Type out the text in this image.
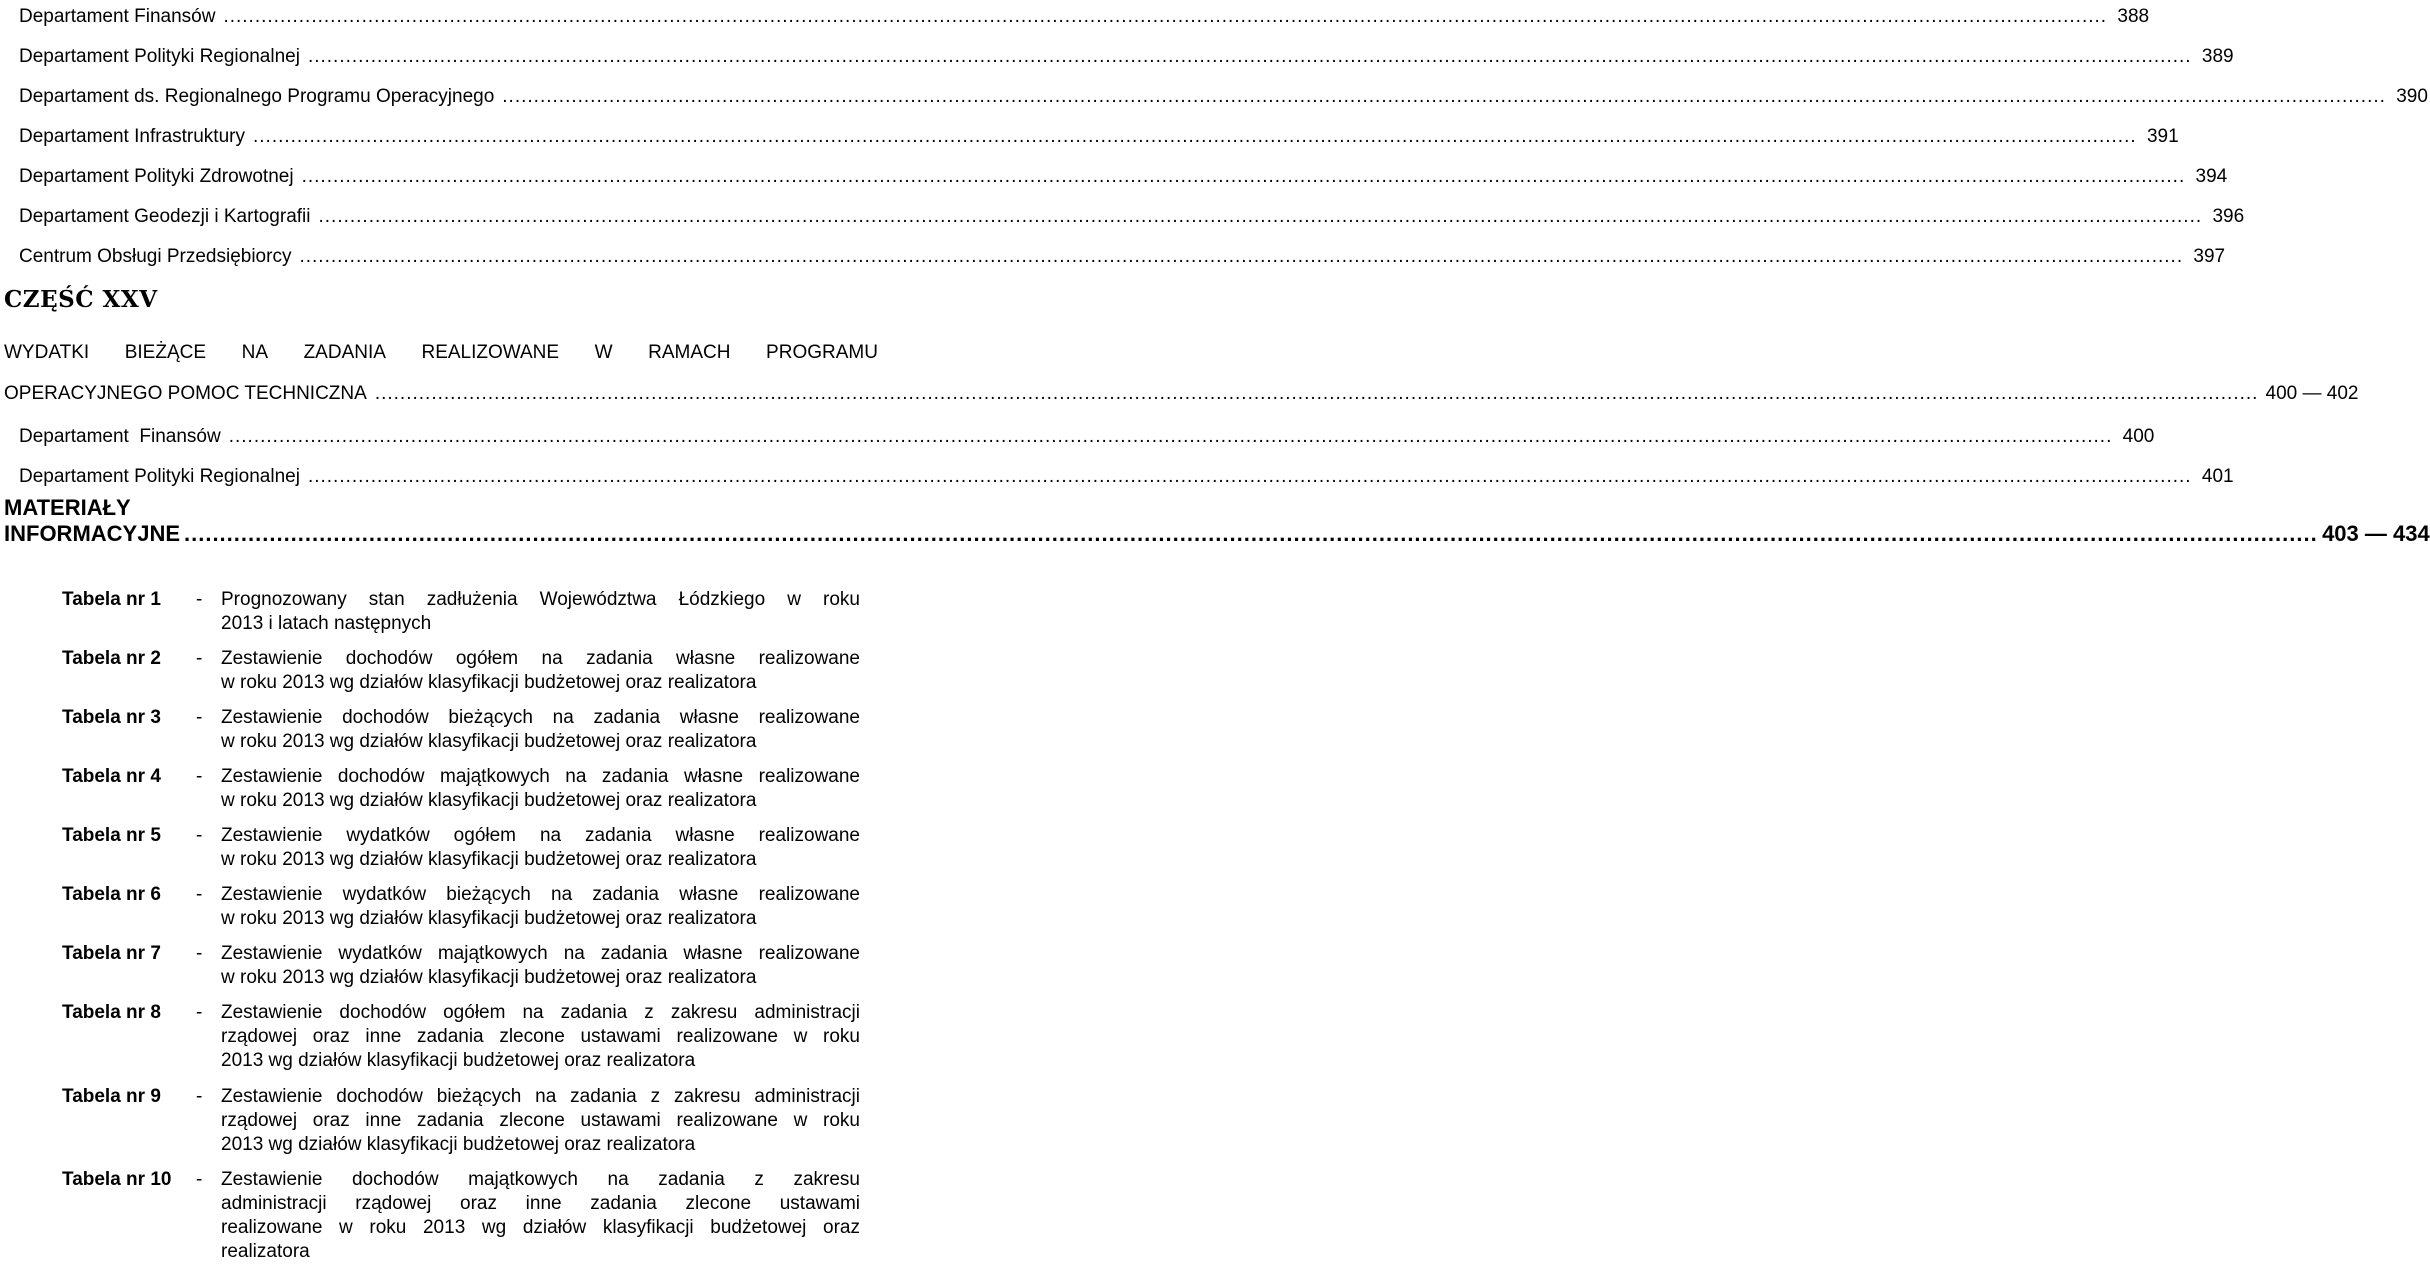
Departament Finansów ............................................................................................................................................................................................................................................................................................................ 388
Departament Polityki Regionalnej ............................................................................................................................................................................................................................................................................................................ 389
Departament ds. Regionalnego Programu Operacyjnego ............................................................................................................................................................................................................................................................................................................ 390
Departament Infrastruktury ............................................................................................................................................................................................................................................................................................................ 391
Departament Polityki Zdrowotnej ............................................................................................................................................................................................................................................................................................................ 394
Departament Geodezji i Kartografii ............................................................................................................................................................................................................................................................................................................ 396
Centrum Obsługi Przedsiębiorcy ............................................................................................................................................................................................................................................................................................................ 397
CZĘŚĆ XXV
WYDATKI BIEŻĄCE NA ZADANIA REALIZOWANE W RAMACH PROGRAMU
OPERACYJNEGO POMOC TECHNICZNA ............................................................................................................................................................................................................................................................................................................ 400 — 402
Departament  Finansów ............................................................................................................................................................................................................................................................................................................ 400
Departament Polityki Regionalnej ............................................................................................................................................................................................................................................................................................................ 401
MATERIAŁY INFORMACYJNE ............................................................................................................................................................................................................................................................................................................ 403 — 434
Tabela nr 1	- Prognozowany stan zadłużenia Województwa Łódzkiego w roku
2013 i latach następnych
Tabela nr 2	- Zestawienie dochodów ogółem na zadania własne realizowane
w roku 2013 wg działów klasyfikacji budżetowej oraz realizatora
Tabela nr 3	- Zestawienie dochodów bieżących na zadania własne realizowane
w roku 2013 wg działów klasyfikacji budżetowej oraz realizatora
Tabela nr 4	- Zestawienie dochodów majątkowych na zadania własne realizowane
w roku 2013 wg działów klasyfikacji budżetowej oraz realizatora
Tabela nr 5	- Zestawienie wydatków ogółem na zadania własne realizowane
w roku 2013 wg działów klasyfikacji budżetowej oraz realizatora
Tabela nr 6	- Zestawienie wydatków bieżących na zadania własne realizowane
w roku 2013 wg działów klasyfikacji budżetowej oraz realizatora
Tabela nr 7	- Zestawienie wydatków majątkowych na zadania własne realizowane
w roku 2013 wg działów klasyfikacji budżetowej oraz realizatora
Tabela nr 8	- Zestawienie dochodów ogółem na zadania z zakresu administracji
rządowej oraz inne zadania zlecone ustawami realizowane w roku
2013 wg działów klasyfikacji budżetowej oraz realizatora
Tabela nr 9	- Zestawienie dochodów bieżących na zadania z zakresu administracji
rządowej oraz inne zadania zlecone ustawami realizowane w roku
2013 wg działów klasyfikacji budżetowej oraz realizatora
Tabela nr 10	- Zestawienie dochodów majątkowych na zadania z zakresu
administracji rządowej oraz inne zadania zlecone ustawami
realizowane w roku 2013 wg działów klasyfikacji budżetowej oraz
realizatora
